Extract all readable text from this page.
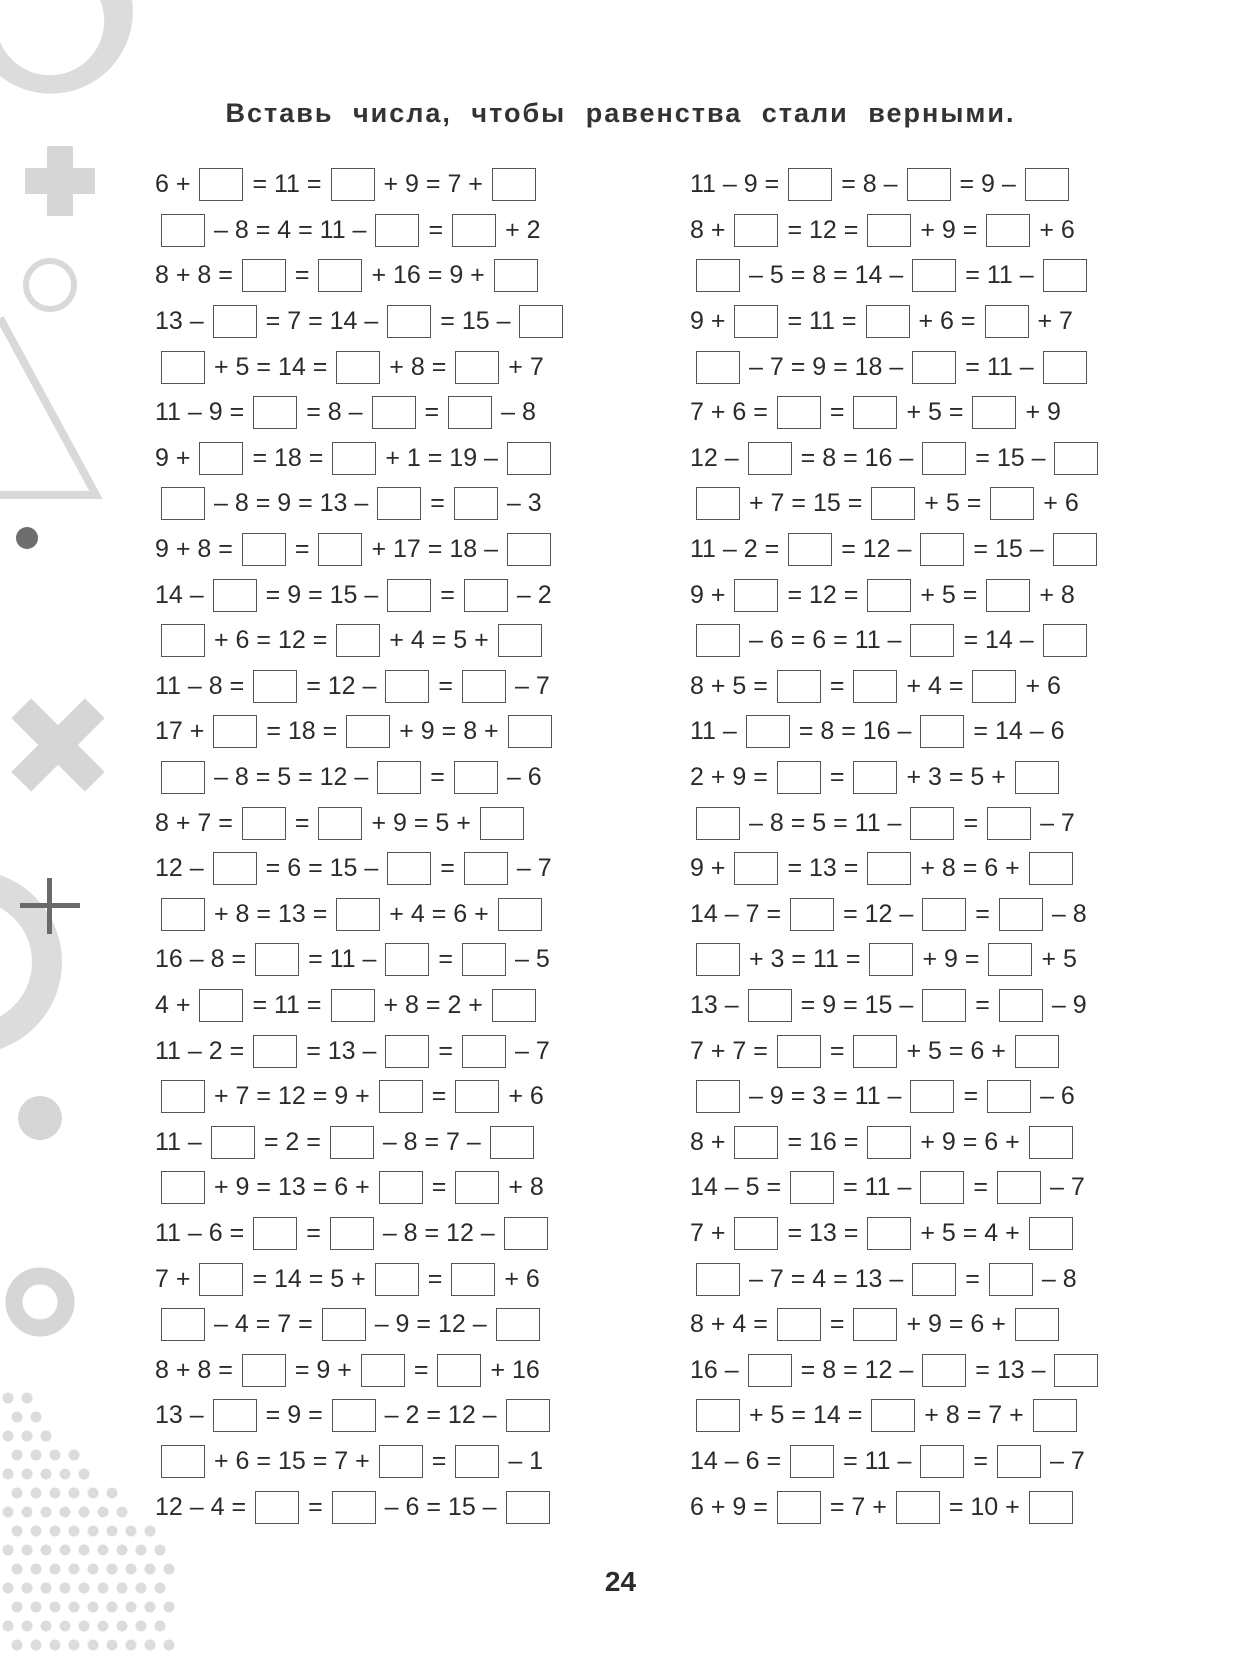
Вставь числа, чтобы равенства стали верными.
6 + = 11 = + 9 = 7 +
– 8 = 4 = 11 – = + 2
8 + 8 = = + 16 = 9 +
13 – = 7 = 14 – = 15 –
+ 5 = 14 = + 8 = + 7
11 – 9 = = 8 – = – 8
9 + = 18 = + 1 = 19 –
– 8 = 9 = 13 – = – 3
9 + 8 = = + 17 = 18 –
14 – = 9 = 15 – = – 2
+ 6 = 12 = + 4 = 5 +
11 – 8 = = 12 – = – 7
17 + = 18 = + 9 = 8 +
– 8 = 5 = 12 – = – 6
8 + 7 = = + 9 = 5 +
12 – = 6 = 15 – = – 7
+ 8 = 13 = + 4 = 6 +
16 – 8 = = 11 – = – 5
4 + = 11 = + 8 = 2 +
11 – 2 = = 13 – = – 7
+ 7 = 12 = 9 + = + 6
11 – = 2 = – 8 = 7 –
+ 9 = 13 = 6 + = + 8
11 – 6 = = – 8 = 12 –
7 + = 14 = 5 + = + 6
– 4 = 7 = – 9 = 12 –
8 + 8 = = 9 + = + 16
13 – = 9 = – 2 = 12 –
+ 6 = 15 = 7 + = – 1
12 – 4 = = – 6 = 15 –
11 – 9 = = 8 – = 9 –
8 + = 12 = + 9 = + 6
– 5 = 8 = 14 – = 11 –
9 + = 11 = + 6 = + 7
– 7 = 9 = 18 – = 11 –
7 + 6 = = + 5 = + 9
12 – = 8 = 16 – = 15 –
+ 7 = 15 = + 5 = + 6
11 – 2 = = 12 – = 15 –
9 + = 12 = + 5 = + 8
– 6 = 6 = 11 – = 14 –
8 + 5 = = + 4 = + 6
11 – = 8 = 16 – = 14 – 6
2 + 9 = = + 3 = 5 +
– 8 = 5 = 11 – = – 7
9 + = 13 = + 8 = 6 +
14 – 7 = = 12 – = – 8
+ 3 = 11 = + 9 = + 5
13 – = 9 = 15 – = – 9
7 + 7 = = + 5 = 6 +
– 9 = 3 = 11 – = – 6
8 + = 16 = + 9 = 6 +
14 – 5 = = 11 – = – 7
7 + = 13 = + 5 = 4 +
– 7 = 4 = 13 – = – 8
8 + 4 = = + 9 = 6 +
16 – = 8 = 12 – = 13 –
+ 5 = 14 = + 8 = 7 +
14 – 6 = = 11 – = – 7
6 + 9 = = 7 + = 10 +
24
